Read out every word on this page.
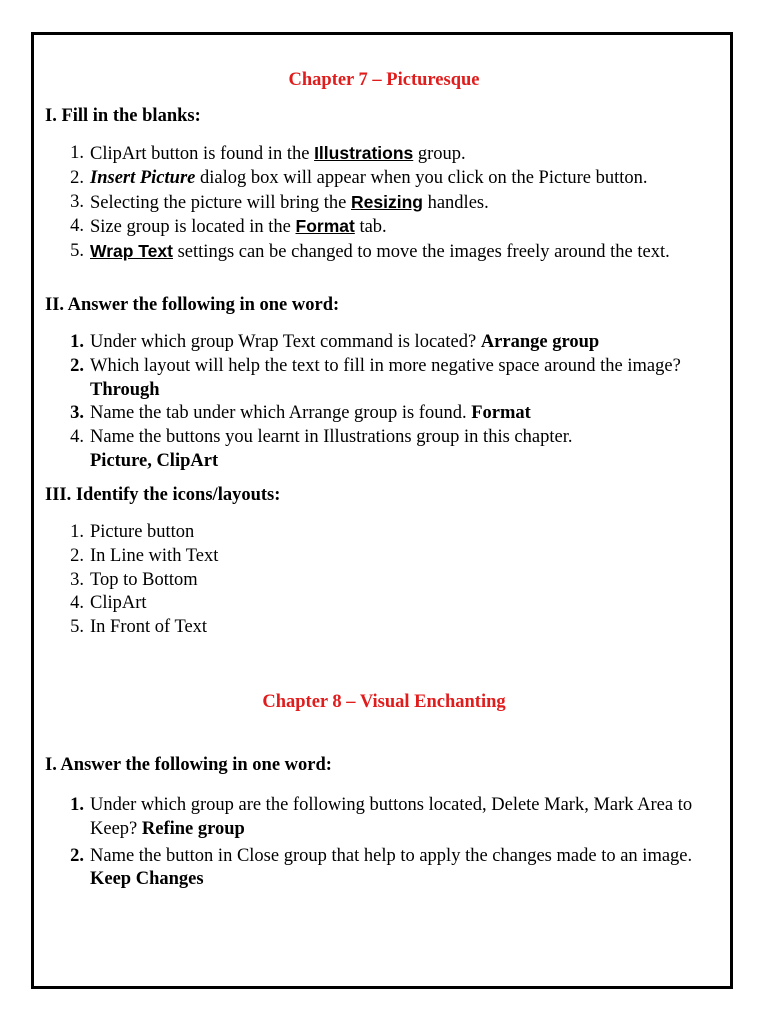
Chapter 7 – Picturesque
I. Fill in the blanks:
1. ClipArt button is found in the Illustrations group.
2. Insert Picture dialog box will appear when you click on the Picture button.
3. Selecting the picture will bring the Resizing handles.
4. Size group is located in the Format tab.
5. Wrap Text settings can be changed to move the images freely around the text.
II. Answer the following in one word:
1. Under which group Wrap Text command is located? Arrange group
2. Which layout will help the text to fill in more negative space around the image? Through
3. Name the tab under which Arrange group is found. Format
4. Name the buttons you learnt in Illustrations group in this chapter.
Picture, ClipArt
III. Identify the icons/layouts:
1. Picture button
2. In Line with Text
3. Top to Bottom
4. ClipArt
5. In Front of Text
Chapter 8 – Visual Enchanting
I. Answer the following in one word:
1. Under which group are the following buttons located, Delete Mark, Mark Area to Keep? Refine group
2. Name the button in Close group that help to apply the changes made to an image. Keep Changes
